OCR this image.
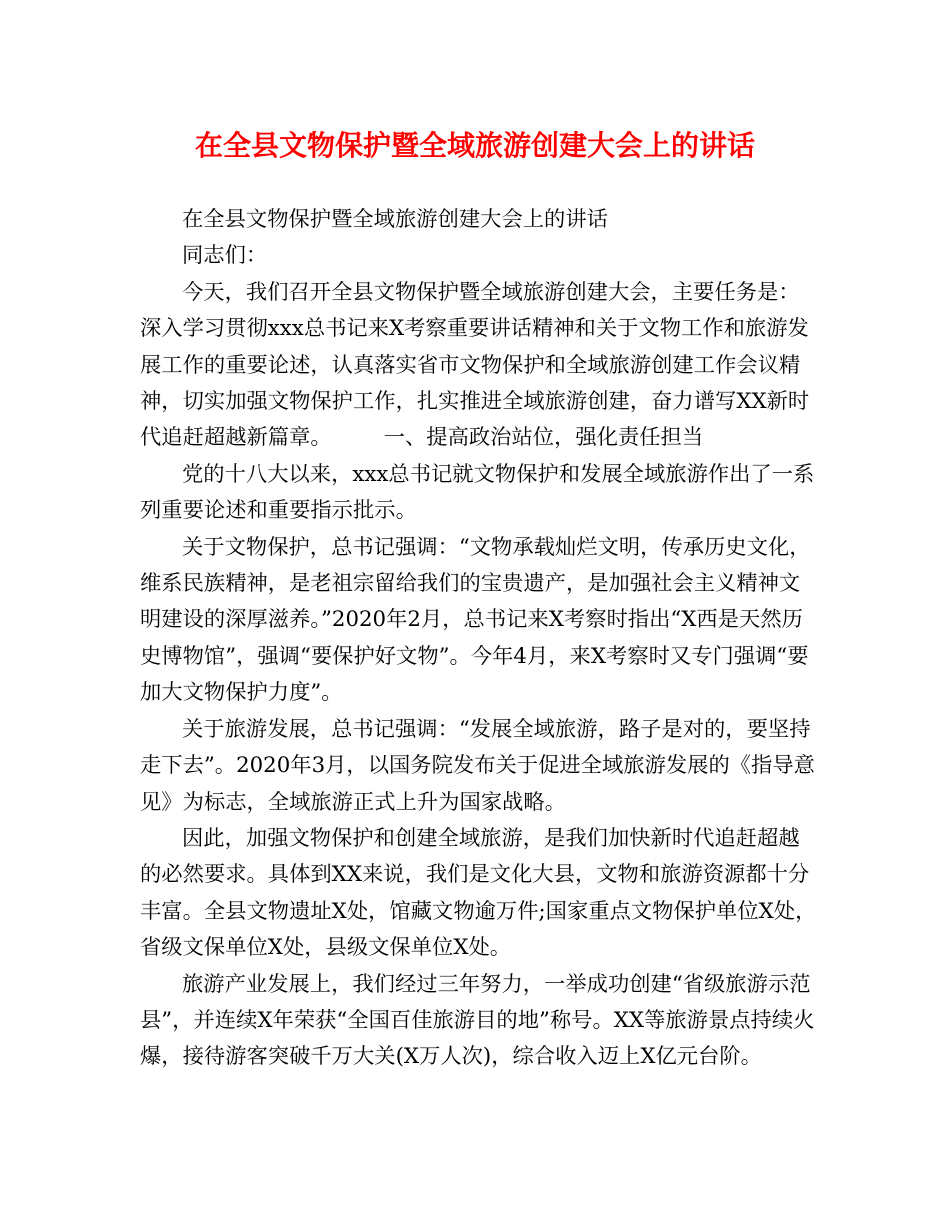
在全县文物保护暨全域旅游创建大会上的讲话

在全县文物保护暨全域旅游创建大会上的讲话

同志们：

今天，我们召开全县文物保护暨全域旅游创建大会，主要任务是：深入学习贯彻xxx总书记来X考察重要讲话精神和关于文物工作和旅游发展工作的重要论述，认真落实省市文物保护和全域旅游创建工作会议精神，切实加强文物保护工作，扎实推进全域旅游创建，奋力谱写XX新时代追赶超越新篇章。 一、提高政治站位，强化责任担当

党的十八大以来，xxx总书记就文物保护和发展全域旅游作出了一系列重要论述和重要指示批示。

关于文物保护，总书记强调：“文物承载灿烂文明，传承历史文化，维系民族精神，是老祖宗留给我们的宝贵遗产，是加强社会主义精神文明建设的深厚滋养。”2020年2月，总书记来X考察时指出“X西是天然历史博物馆”，强调“要保护好文物”。今年4月，来X考察时又专门强调“要加大文物保护力度”。

关于旅游发展，总书记强调：“发展全域旅游，路子是对的，要坚持走下去”。2020年3月，以国务院发布关于促进全域旅游发展的《指导意见》为标志，全域旅游正式上升为国家战略。

因此，加强文物保护和创建全域旅游，是我们加快新时代追赶超越的必然要求。具体到XX来说，我们是文化大县，文物和旅游资源都十分丰富。全县文物遗址X处，馆藏文物逾万件;国家重点文物保护单位X处，省级文保单位X处，县级文保单位X处。

旅游产业发展上，我们经过三年努力，一举成功创建“省级旅游示范县”，并连续X年荣获“全国百佳旅游目的地”称号。XX等旅游景点持续火爆，接待游客突破千万大关(X万人次)，综合收入迈上X亿元台阶。
